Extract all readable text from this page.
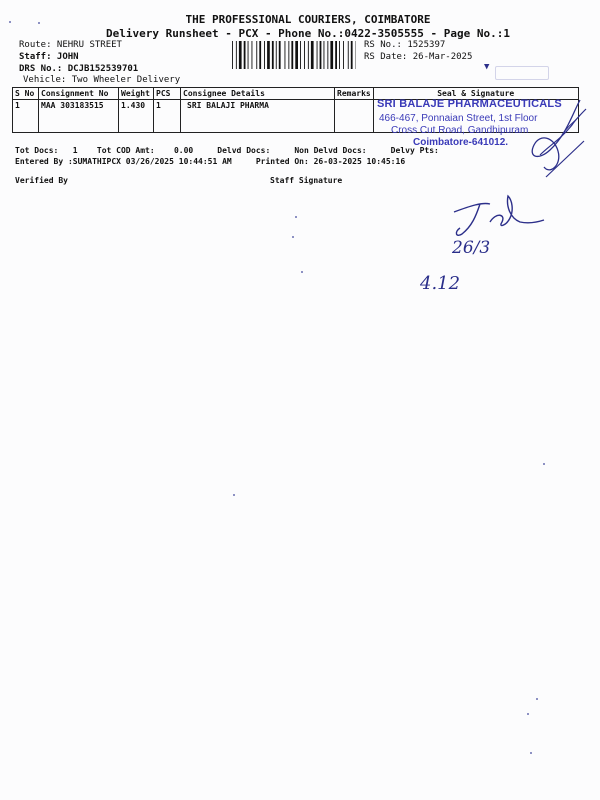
THE PROFESSIONAL COURIERS, COIMBATORE
Delivery Runsheet - PCX - Phone No.:0422-3505555 - Page No.:1
Route: NEHRU STREET
Staff: JOHN
DRS No.: DCJB152539701
Vehicle: Two Wheeler Delivery
RS No.: 1525397
RS Date: 26-Mar-2025
▼
S No	Consignment No	Weight	PCS	Consignee Details	Remarks	Seal & Signature
1	MAA 303183515	1.430	1	SRI BALAJI PHARMA		
Tot Docs:   1    Tot COD Amt:    0.00     Delvd Docs:     Non Delvd Docs:     Delvy Pts:
Entered By :SUMATHIPCX 03/26/2025 10:44:51 AM     Printed On: 26-03-2025 10:45:16
Verified By	Staff Signature
SRI BALAJE PHARMACEUTICALS
466-467, Ponnaian Street, 1st Floor
Cross Cut Road, Gandhipuram
Coimbatore-641012.
26/3
4.12
